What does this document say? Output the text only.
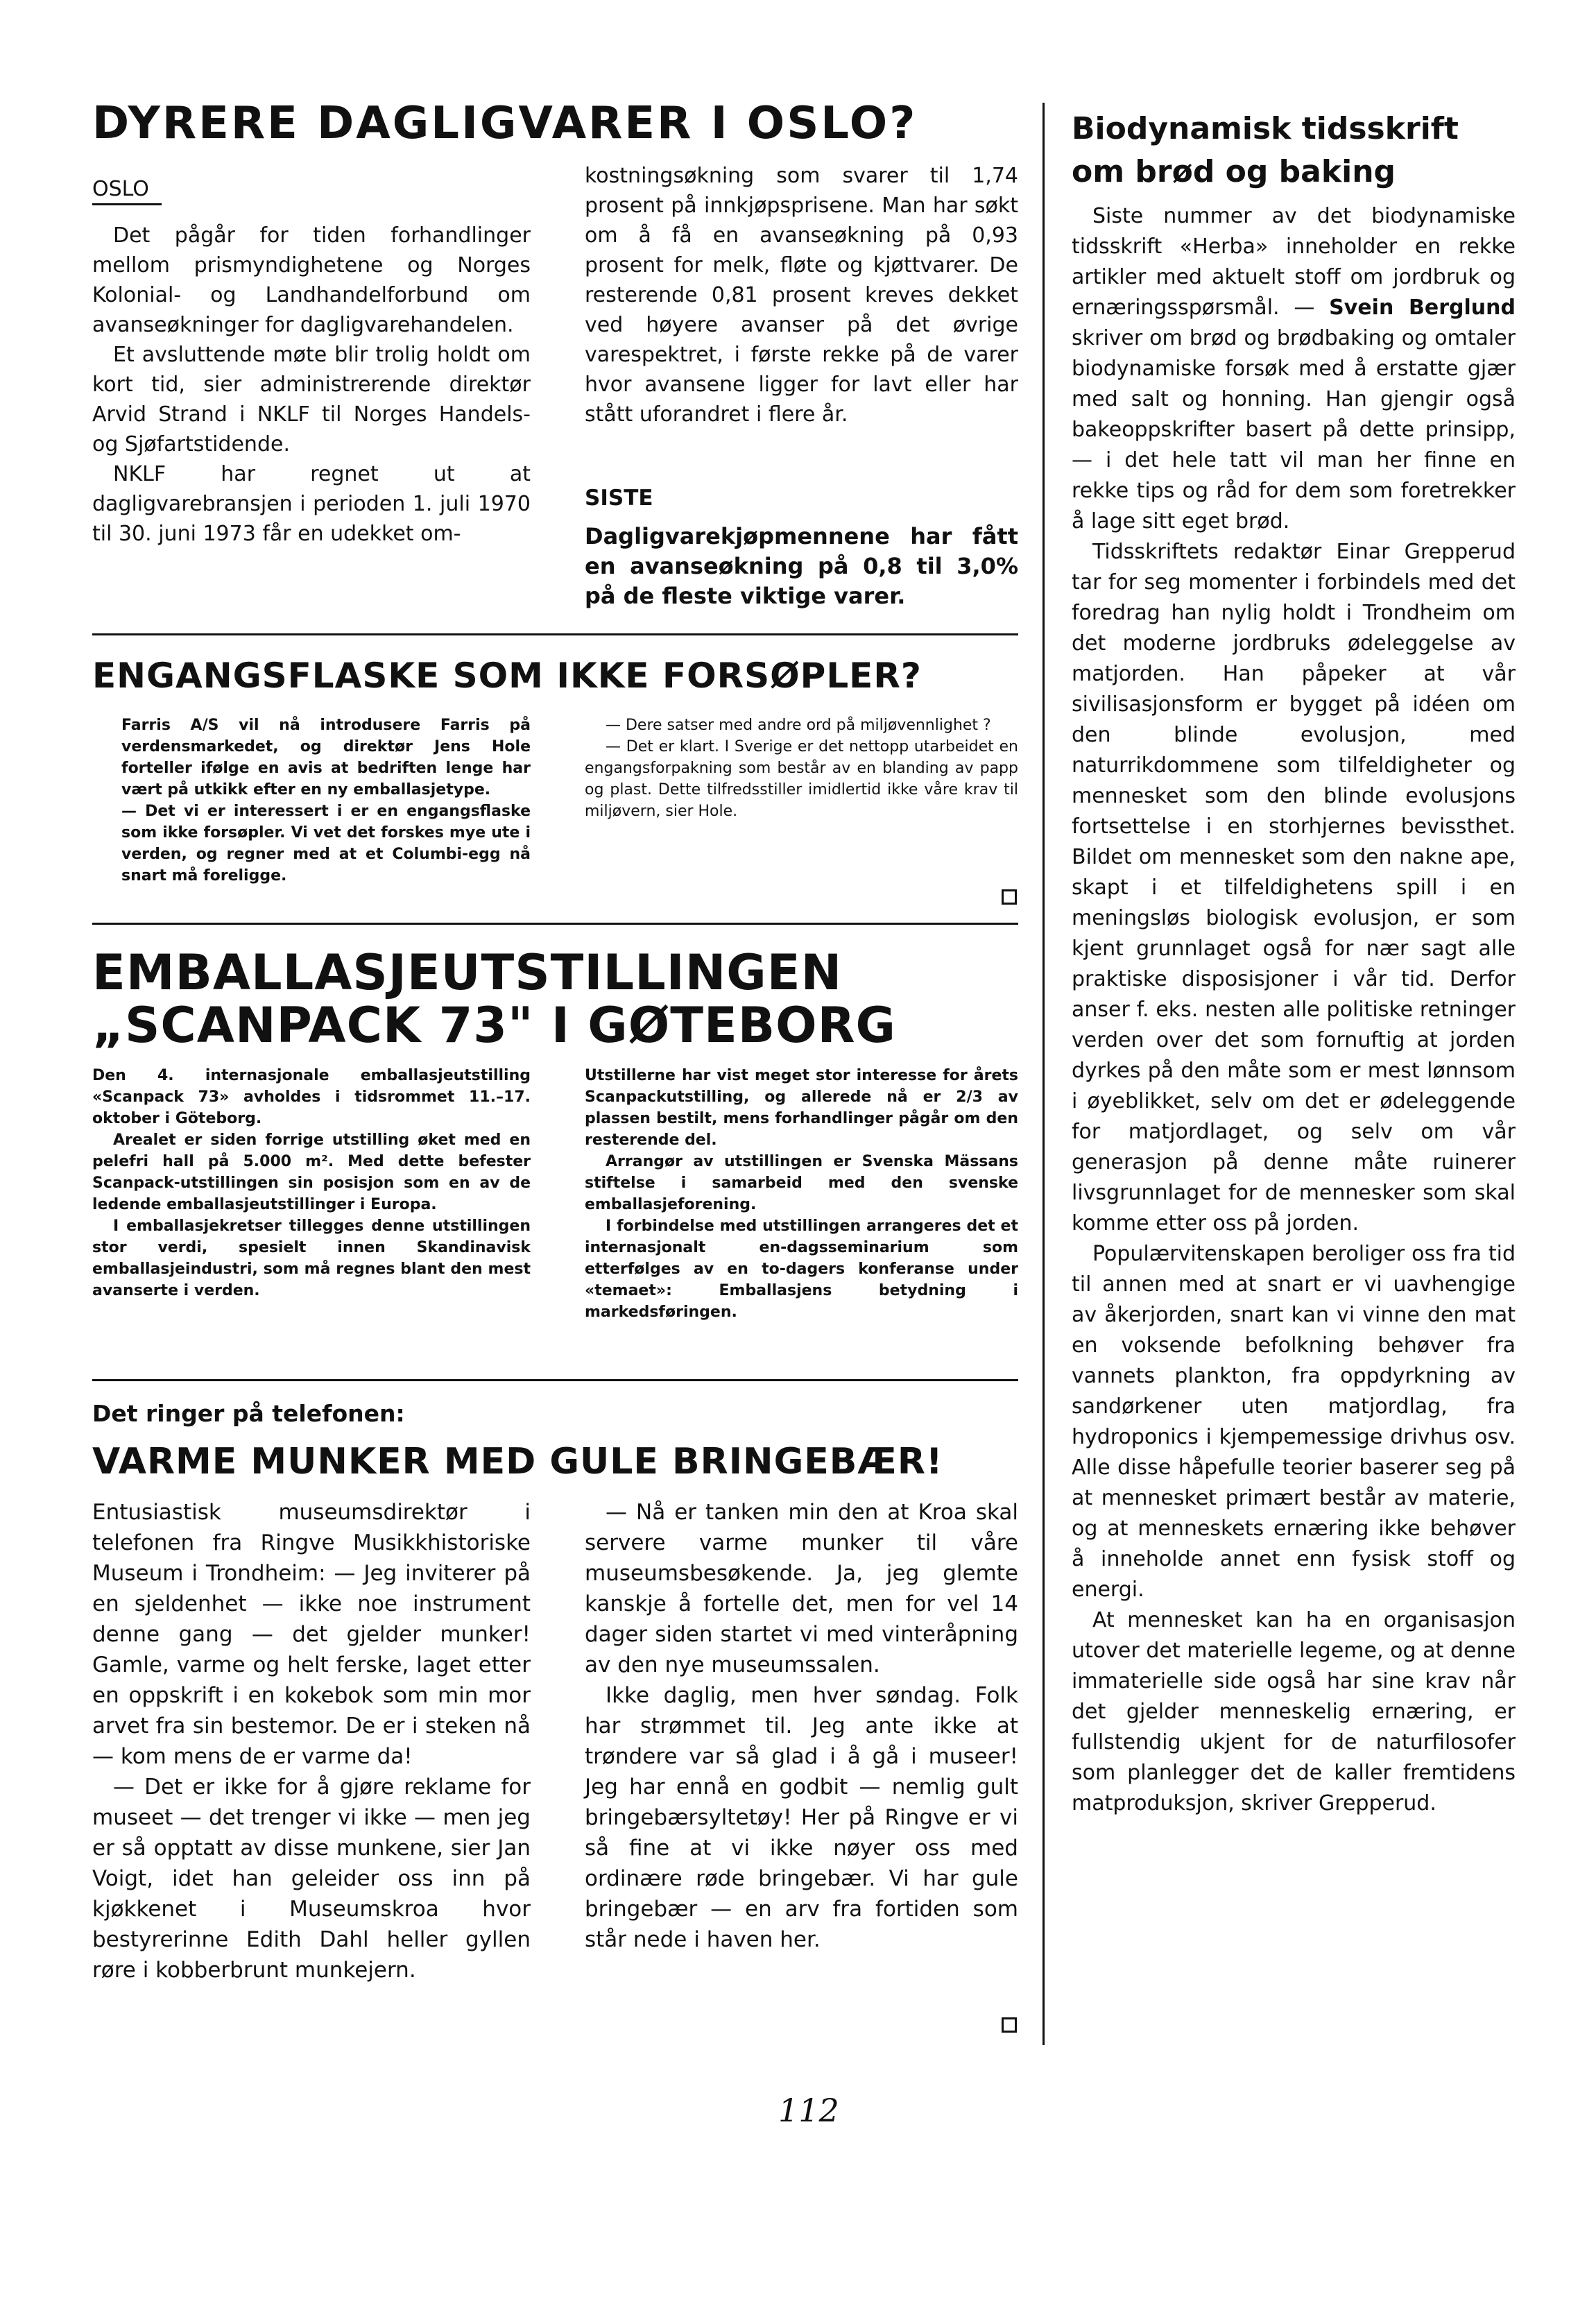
DYRERE DAGLIGVARER I OSLO?
OSLO

Det pågår for tiden forhandlinger mellom prismyndighetene og Norges Kolonial- og Landhandelforbund om avanseøkninger for dagligvarehandelen.

Et avsluttende møte blir trolig holdt om kort tid, sier administrerende direktør Arvid Strand i NKLF til Norges Handels- og Sjøfartstidende.

NKLF har regnet ut at dagligvarebransjen i perioden 1. juli 1970 til 30. juni 1973 får en udekket om-

kostningsøkning som svarer til 1,74 prosent på innkjøpsprisene. Man har søkt om å få en avanseøkning på 0,93 prosent for melk, fløte og kjøttvarer. De resterende 0,81 prosent kreves dekket ved høyere avanser på det øvrige varespektret, i første rekke på de varer hvor avansene ligger for lavt eller har stått uforandret i flere år.

SISTE
Dagligvarekjøpmennene har fått en avanseøkning på 0,8 til 3,0% på de fleste viktige varer.
ENGANGSFLASKE SOM IKKE FORSØPLER?

Farris A/S vil nå introdusere Farris på verdensmarkedet, og direktør Jens Hole forteller ifølge en avis at bedriften lenge har vært på utkikk efter en ny emballasjetype.

— Det vi er interessert i er en engangsflaske som ikke forsøpler. Vi vet det forskes mye ute i verden, og regner med at et Columbi-egg nå snart må foreligge.

— Dere satser med andre ord på miljøvennlighet ?

— Det er klart. I Sverige er det nettopp utarbeidet en engangsforpakning som består av en blanding av papp og plast. Dette tilfredsstiller imidlertid ikke våre krav til miljøvern, sier Hole.

EMBALLASJEUTSTILLINGEN
„SCANPACK 73" I GØTEBORG

Den 4. internasjonale emballasjeutstilling «Scanpack 73» avholdes i tidsrommet 11.–17. oktober i Göteborg.

Arealet er siden forrige utstilling øket med en pelefri hall på 5.000 m². Med dette befester Scanpack-utstillingen sin posisjon som en av de ledende emballasjeutstillinger i Europa.

I emballasjekretser tillegges denne utstillingen stor verdi, spesielt innen Skandinavisk emballasjeindustri, som må regnes blant den mest avanserte i verden.

Utstillerne har vist meget stor interesse for årets Scanpackutstilling, og allerede nå er 2/3 av plassen bestilt, mens forhandlinger pågår om den resterende del.

Arrangør av utstillingen er Svenska Mässans stiftelse i samarbeid med den svenske emballasjeforening.

I forbindelse med utstillingen arrangeres det et internasjonalt en-dagsseminarium som etterfølges av en to-dagers konferanse under «temaet»: Emballasjens betydning i markedsføringen.

Det ringer på telefonen:
VARME MUNKER MED GULE BRINGEBÆR!

Entusiastisk museumsdirektør i telefonen fra Ringve Musikkhistoriske Museum i Trondheim: — Jeg inviterer på en sjeldenhet — ikke noe instrument denne gang — det gjelder munker! Gamle, varme og helt ferske, laget etter en oppskrift i en kokebok som min mor arvet fra sin bestemor. De er i steken nå — kom mens de er varme da!

— Det er ikke for å gjøre reklame for museet — det trenger vi ikke — men jeg er så opptatt av disse munkene, sier Jan Voigt, idet han geleider oss inn på kjøkkenet i Museumskroa hvor bestyrerinne Edith Dahl heller gyllen røre i kobberbrunt munkejern.

— Nå er tanken min den at Kroa skal servere varme munker til våre museumsbesøkende. Ja, jeg glemte kanskje å fortelle det, men for vel 14 dager siden startet vi med vinteråpning av den nye museumssalen.

Ikke daglig, men hver søndag. Folk har strømmet til. Jeg ante ikke at trøndere var så glad i å gå i museer! Jeg har ennå en godbit — nemlig gult bringebærsyltetøy! Her på Ringve er vi så fine at vi ikke nøyer oss med ordinære røde bringebær. Vi har gule bringebær — en arv fra fortiden som står nede i haven her.

Biodynamisk tidsskrift
om brød og baking

Siste nummer av det biodynamiske tidsskrift «Herba» inneholder en rekke artikler med aktuelt stoff om jordbruk og ernæringsspørsmål. — Svein Berglund skriver om brød og brødbaking og omtaler biodynamiske forsøk med å erstatte gjær med salt og honning. Han gjengir også bakeoppskrifter basert på dette prinsipp, — i det hele tatt vil man her finne en rekke tips og råd for dem som foretrekker å lage sitt eget brød.

Tidsskriftets redaktør Einar Grepperud tar for seg momenter i forbindels med det foredrag han nylig holdt i Trondheim om det moderne jordbruks ødeleggelse av matjorden. Han påpeker at vår sivilisasjonsform er bygget på idéen om den blinde evolusjon, med naturrikdommene som tilfeldigheter og mennesket som den blinde evolusjons fortsettelse i en storhjernes bevissthet. Bildet om mennesket som den nakne ape, skapt i et tilfeldighetens spill i en meningsløs biologisk evolusjon, er som kjent grunnlaget også for nær sagt alle praktiske disposisjoner i vår tid. Derfor anser f. eks. nesten alle politiske retninger verden over det som fornuftig at jorden dyrkes på den måte som er mest lønnsom i øyeblikket, selv om det er ødeleggende for matjordlaget, og selv om vår generasjon på denne måte ruinerer livsgrunnlaget for de mennesker som skal komme etter oss på jorden.

Populærvitenskapen beroliger oss fra tid til annen med at snart er vi uavhengige av åkerjorden, snart kan vi vinne den mat en voksende befolkning behøver fra vannets plankton, fra oppdyrkning av sandørkener uten matjordlag, fra hydroponics i kjempemessige drivhus osv. Alle disse håpefulle teorier baserer seg på at mennesket primært består av materie, og at menneskets ernæring ikke behøver å inneholde annet enn fysisk stoff og energi.

At mennesket kan ha en organisasjon utover det materielle legeme, og at denne immaterielle side også har sine krav når det gjelder menneskelig ernæring, er fullstendig ukjent for de naturfilosofer som planlegger det de kaller fremtidens matproduksjon, skriver Grepperud.

112
